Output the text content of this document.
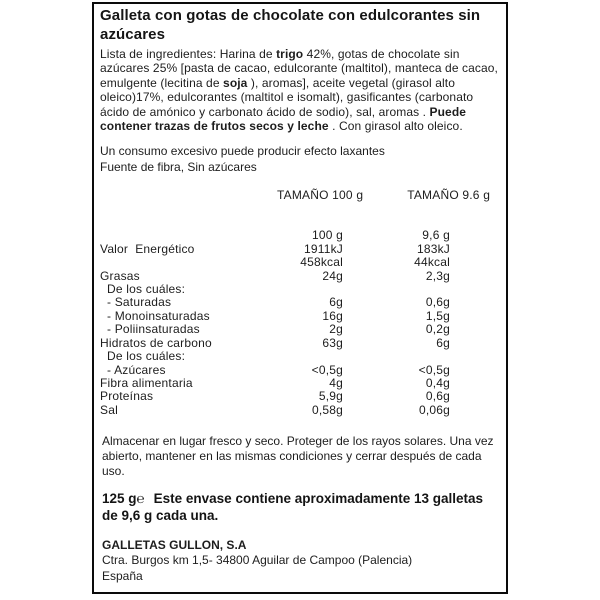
Galleta con gotas de chocolate con edulcorantes sin azúcares

Lista de ingredientes: Harina de trigo 42%, gotas de chocolate sin azúcares 25% [pasta de cacao, edulcorante (maltitol), manteca de cacao, emulgente (lecitina de soja ), aromas], aceite vegetal (girasol alto oleico)17%, edulcorantes (maltitol e isomalt), gasificantes (carbonato ácido de amónico y carbonato ácido de sodio), sal, aromas . Puede contener trazas de frutos secos y leche . Con girasol alto oleico.

Un consumo excesivo puede producir efecto laxantes
Fuente de fibra, Sin azúcares

TAMAÑO 100 g	TAMAÑO 9.6 g
	100 g	9,6 g	
Valor  Energético	1911kJ	183kJ	
	458kcal	44kcal	
Grasas	24g	2,3g	
De los cuáles:			
- Saturadas	6g	0,6g	
- Monoinsaturadas	16g	1,5g	
- Poliinsaturadas	2g	0,2g	
Hidratos de carbono	63g	6g	
De los cuáles:			
- Azúcares	<0,5g	<0,5g	
Fibra alimentaria	4g	0,4g	
Proteínas	5,9g	0,6g	
Sal	0,58g	0,06g	

Almacenar en lugar fresco y seco. Proteger de los rayos solares. Una vez abierto, mantener en las mismas condiciones y cerrar después de cada uso.

125 g℮ Este envase contiene aproximadamente 13 galletas de 9,6 g cada una.

GALLETAS GULLON, S.A
Ctra. Burgos km 1,5- 34800 Aguilar de Campoo (Palencia)
España
